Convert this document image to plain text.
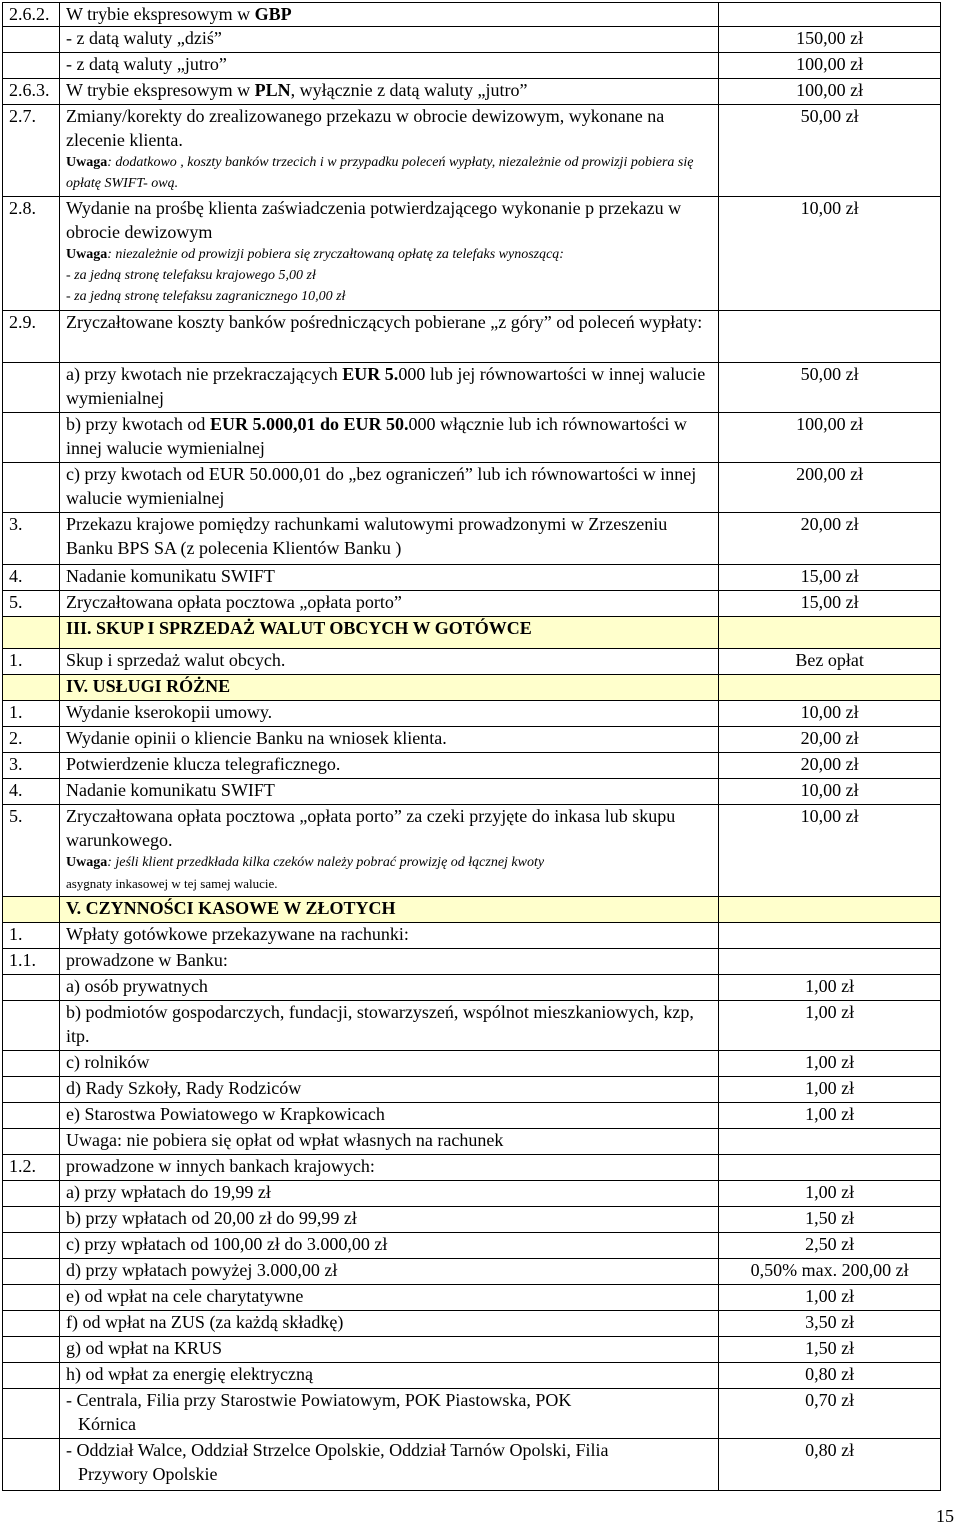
2.6.2.	W trybie ekspresowym w GBP	
	- z datą waluty „dziś”	150,00 zł
	- z datą waluty „jutro”	100,00 zł
2.6.3.	W trybie ekspresowym w PLN, wyłącznie z datą waluty „jutro”	100,00 zł
2.7.	Zmiany/korekty do zrealizowanego przekazu w obrocie dewizowym, wykonane na zlecenie klienta.
Uwaga: dodatkowo , koszty banków trzecich i w przypadku poleceń wypłaty, niezależnie od prowizji pobiera się opłatę SWIFT- ową.	50,00 zł
2.8.	Wydanie na prośbę klienta zaświadczenia potwierdzającego wykonanie p przekazu w obrocie dewizowym
Uwaga: niezależnie od prowizji pobiera się zryczałtowaną opłatę za telefaks wynoszącą:
- za jedną stronę telefaksu krajowego 5,00 zł
- za jedną stronę telefaksu zagranicznego 10,00 zł	10,00 zł
2.9.	Zryczałtowane koszty banków pośredniczących pobierane „z góry” od poleceń wypłaty:	
	a) przy kwotach nie przekraczających EUR 5.000 lub jej równowartości w innej walucie wymienialnej	50,00 zł
	b) przy kwotach od EUR 5.000,01 do EUR 50.000 włącznie lub ich równowartości w innej walucie wymienialnej	100,00 zł
	c) przy kwotach od EUR 50.000,01 do „bez ograniczeń” lub ich równowartości w innej walucie wymienialnej	200,00 zł
3.	Przekazu krajowe pomiędzy rachunkami walutowymi prowadzonymi w Zrzeszeniu Banku BPS SA (z polecenia Klientów Banku )	20,00 zł
4.	Nadanie komunikatu SWIFT	15,00 zł
5.	Zryczałtowana opłata pocztowa „opłata porto”	15,00 zł
	III. SKUP I SPRZEDAŻ WALUT OBCYCH W GOTÓWCE	
1.	Skup i sprzedaż walut obcych.	Bez opłat
	IV. USŁUGI RÓŻNE	
1.	Wydanie kserokopii umowy.	10,00 zł
2.	Wydanie opinii o kliencie Banku na wniosek klienta.	20,00 zł
3.	Potwierdzenie klucza telegraficznego.	20,00 zł
4.	Nadanie komunikatu SWIFT	10,00 zł
5.	Zryczałtowana opłata pocztowa „opłata porto” za czeki przyjęte do inkasa lub skupu warunkowego.
Uwaga: jeśli klient przedkłada kilka czeków należy pobrać prowizję od łącznej kwoty
asygnaty inkasowej w tej samej walucie.	10,00 zł
	V. CZYNNOŚCI KASOWE W ZŁOTYCH	
1.	Wpłaty gotówkowe przekazywane na rachunki:	
1.1.	prowadzone w Banku:	
	a) osób prywatnych	1,00 zł
	b) podmiotów gospodarczych, fundacji, stowarzyszeń, wspólnot mieszkaniowych, kzp, itp.	1,00 zł
	c) rolników	1,00 zł
	d) Rady Szkoły, Rady Rodziców	1,00 zł
	e) Starostwa Powiatowego w Krapkowicach	1,00 zł
	Uwaga: nie pobiera się opłat od wpłat własnych na rachunek	
1.2.	prowadzone w innych bankach krajowych:	
	a) przy wpłatach do 19,99 zł	1,00 zł
	b) przy wpłatach od 20,00 zł do 99,99 zł	1,50 zł
	c) przy wpłatach od 100,00 zł do 3.000,00 zł	2,50 zł
	d) przy wpłatach powyżej 3.000,00 zł	0,50% max. 200,00 zł
	e) od wpłat na cele charytatywne	1,00 zł
	f) od wpłat na ZUS (za każdą składkę)	3,50 zł
	g) od wpłat na KRUS	1,50 zł
	h) od wpłat za energię elektryczną	0,80 zł
	- Centrala, Filia przy Starostwie Powiatowym, POK Piastowska, POK
Kórnica	0,70 zł
	- Oddział Walce, Oddział Strzelce Opolskie, Oddział Tarnów Opolski, Filia
Przywory Opolskie	0,80 zł
15
